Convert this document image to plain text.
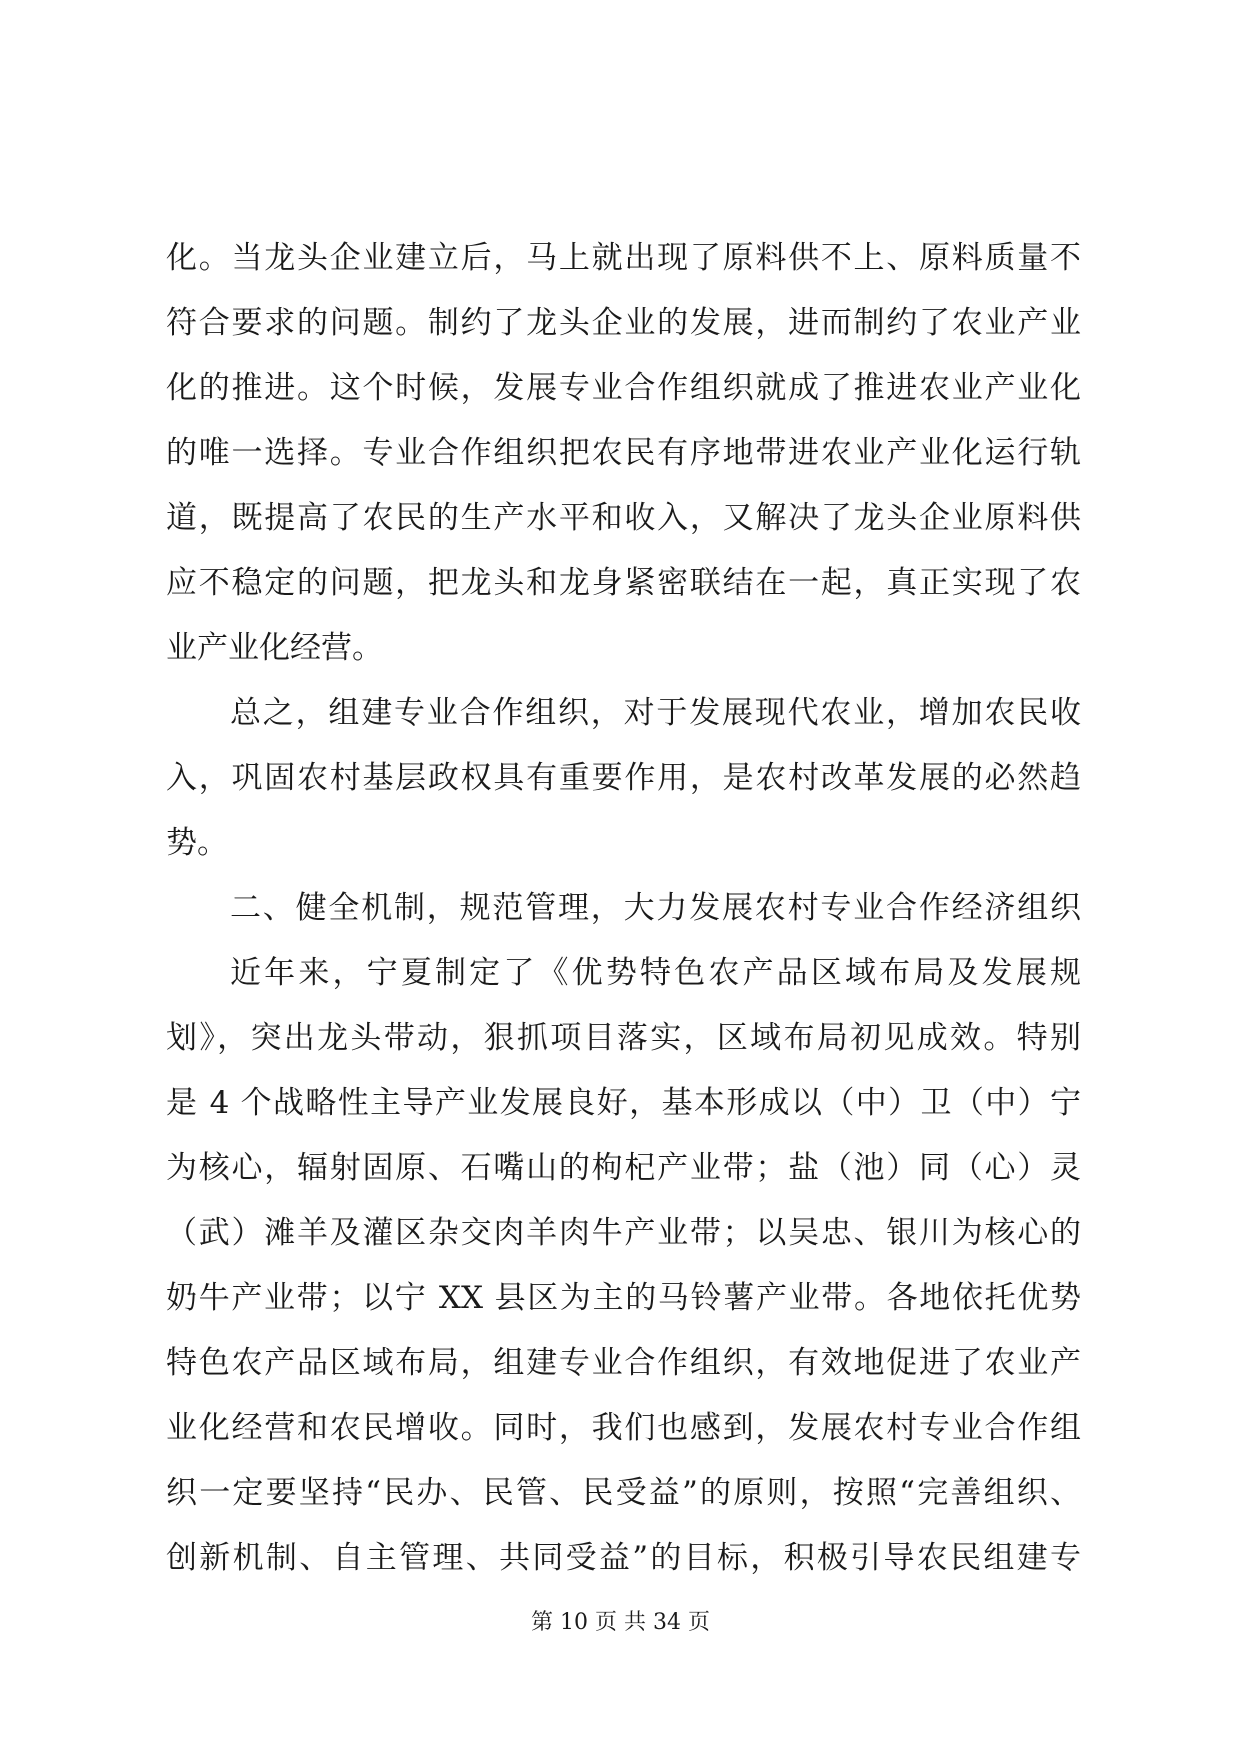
化。当龙头企业建立后，马上就出现了原料供不上、原料质量不
符合要求的问题。制约了龙头企业的发展，进而制约了农业产业
化的推进。这个时候，发展专业合作组织就成了推进农业产业化
的唯一选择。专业合作组织把农民有序地带进农业产业化运行轨
道，既提高了农民的生产水平和收入，又解决了龙头企业原料供
应不稳定的问题，把龙头和龙身紧密联结在一起，真正实现了农
业产业化经营。
总之，组建专业合作组织，对于发展现代农业，增加农民收
入，巩固农村基层政权具有重要作用，是农村改革发展的必然趋
势。
二、健全机制，规范管理，大力发展农村专业合作经济组织
近年来，宁夏制定了《优势特色农产品区域布局及发展规
划》，突出龙头带动，狠抓项目落实，区域布局初见成效。特别
是 4 个战略性主导产业发展良好，基本形成以（中）卫（中）宁
为核心，辐射固原、石嘴山的枸杞产业带；盐（池）同（心）灵
（武）滩羊及灌区杂交肉羊肉牛产业带；以吴忠、银川为核心的
奶牛产业带；以宁 XX 县区为主的马铃薯产业带。各地依托优势
特色农产品区域布局，组建专业合作组织，有效地促进了农业产
业化经营和农民增收。同时，我们也感到，发展农村专业合作组
织一定要坚持“民办、民管、民受益”的原则，按照“完善组织、
创新机制、自主管理、共同受益”的目标，积极引导农民组建专
第 10 页 共 34 页
